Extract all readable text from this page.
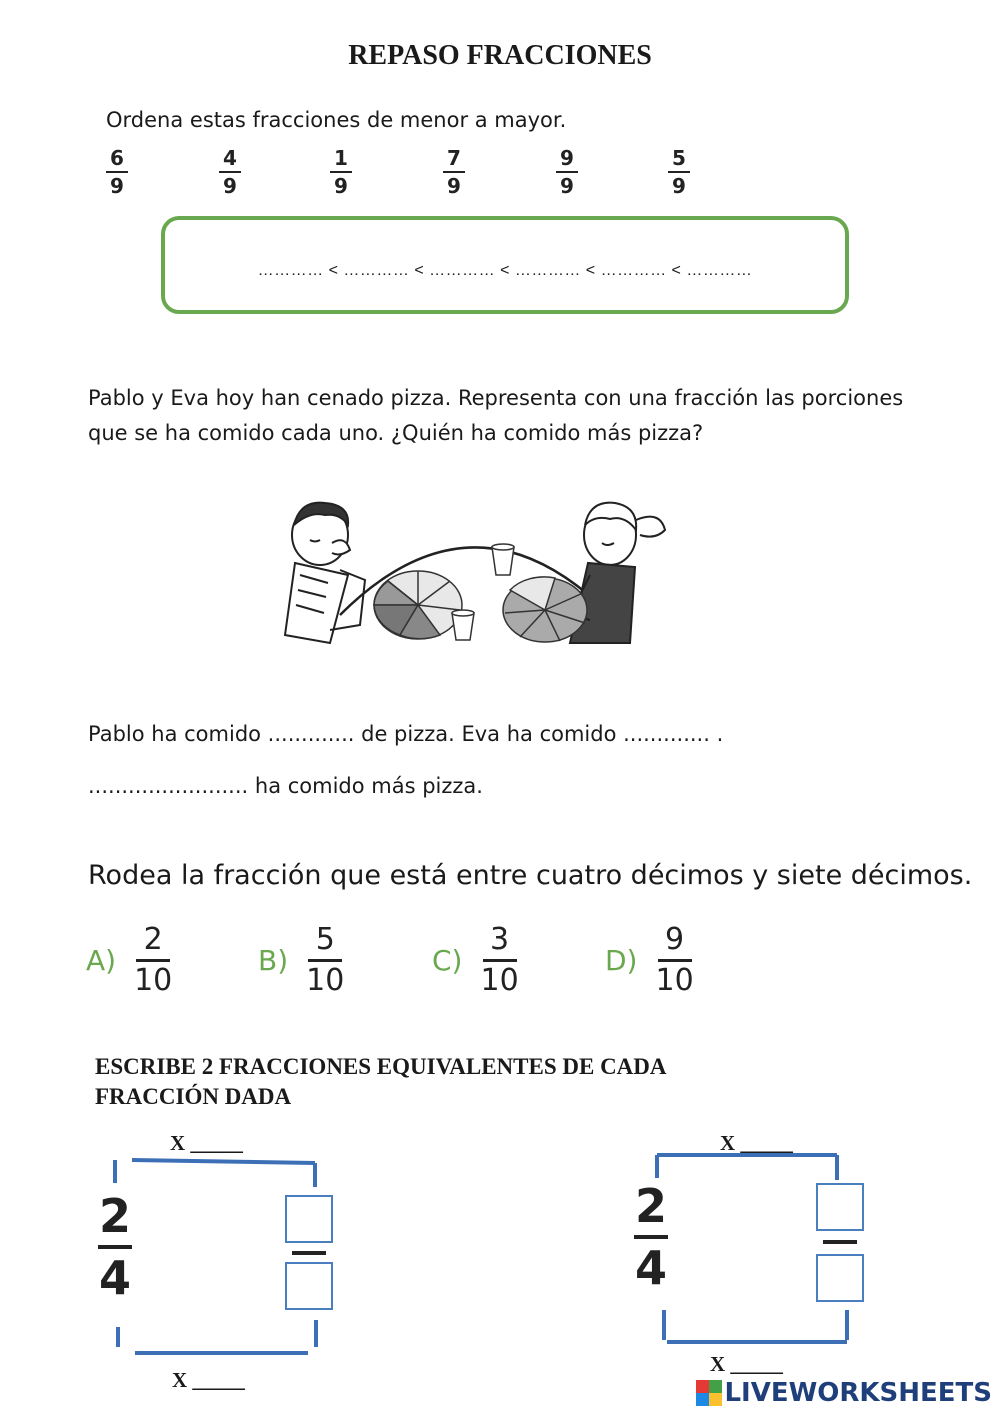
REPASO FRACCIONES
Ordena estas fracciones de menor a mayor.
6
9
4
9
1
9
7
9
9
9
5
9
………… < ………… < ………… < ………… < ………… < …………
Pablo y Eva hoy han cenado pizza. Representa con una fracción las porciones
que se ha comido cada uno. ¿Quién ha comido más pizza?
Pablo ha comido ............. de pizza. Eva ha comido ............. .
........................ ha comido más pizza.
Rodea la fracción que está entre cuatro décimos y siete décimos.
$A) \frac{2}{10}$	$B) \frac{5}{10}$	$C) \frac{3}{10}$	$D) \frac{9}{10}$
ESCRIBE 2 FRACCIONES EQUIVALENTES DE CADA
FRACCIÓN DADA
X _____
2
4
X _____
X _____
2
4
X _____
LIVEWORKSHEETS
